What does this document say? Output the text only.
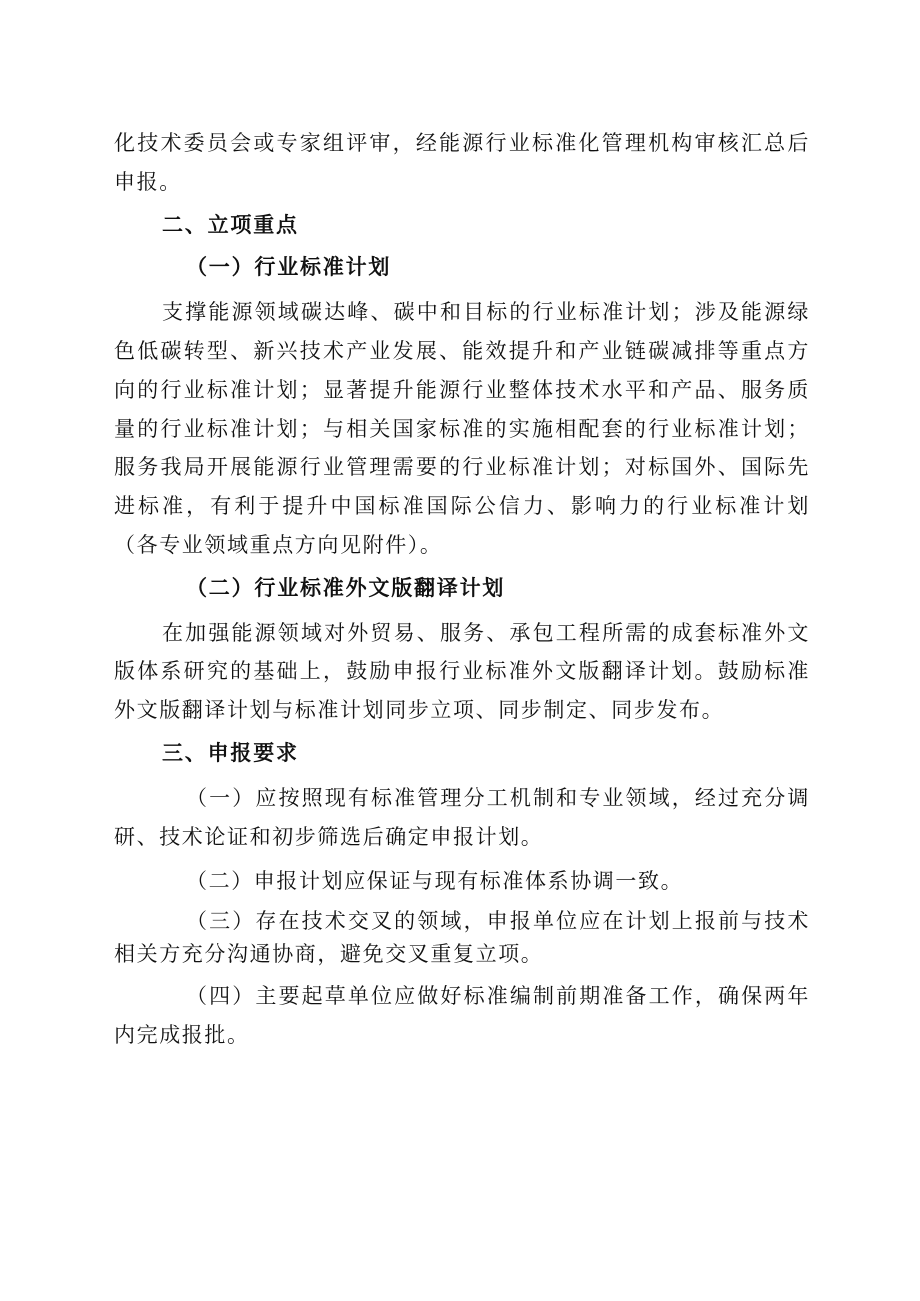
化技术委员会或专家组评审，经能源行业标准化管理机构审核汇总后申报。

二、立项重点

（一）行业标准计划

支撑能源领域碳达峰、碳中和目标的行业标准计划；涉及能源绿色低碳转型、新兴技术产业发展、能效提升和产业链碳减排等重点方向的行业标准计划；显著提升能源行业整体技术水平和产品、服务质量的行业标准计划；与相关国家标准的实施相配套的行业标准计划；服务我局开展能源行业管理需要的行业标准计划；对标国外、国际先进标准，有利于提升中国标准国际公信力、影响力的行业标准计划（各专业领域重点方向见附件）。

（二）行业标准外文版翻译计划

在加强能源领域对外贸易、服务、承包工程所需的成套标准外文版体系研究的基础上，鼓励申报行业标准外文版翻译计划。鼓励标准外文版翻译计划与标准计划同步立项、同步制定、同步发布。

三、申报要求

（一）应按照现有标准管理分工机制和专业领域，经过充分调研、技术论证和初步筛选后确定申报计划。

（二）申报计划应保证与现有标准体系协调一致。

（三）存在技术交叉的领域，申报单位应在计划上报前与技术相关方充分沟通协商，避免交叉重复立项。

（四）主要起草单位应做好标准编制前期准备工作，确保两年内完成报批。
